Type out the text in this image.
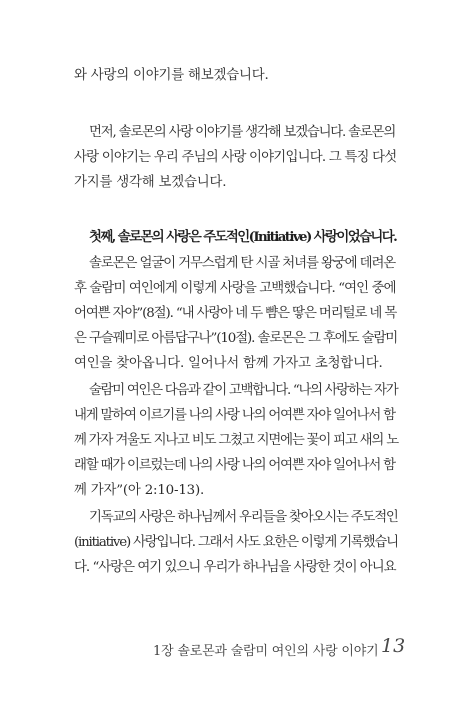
와 사랑의 이야기를 해보겠습니다.
먼저, 솔로몬의 사랑 이야기를 생각해 보겠습니다. 솔로몬의
사랑 이야기는 우리 주님의 사랑 이야기입니다. 그 특징 다섯
가지를 생각해 보겠습니다.
첫째, 솔로몬의 사랑은 주도적인(Initiative) 사랑이었습니다.
솔로몬은 얼굴이 거무스럽게 탄 시골 처녀를 왕궁에 데려온
후 술람미 여인에게 이렇게 사랑을 고백했습니다. “여인 중에
어여쁜 자야”(8절). “내 사랑아 네 두 뺨은 땋은 머리털로 네 목
은 구슬꿰미로 아름답구나”(10절). 솔로몬은 그 후에도 술람미
여인을 찾아옵니다. 일어나서 함께 가자고 초청합니다.
술람미 여인은 다음과 같이 고백합니다. “나의 사랑하는 자가
내게 말하여 이르기를 나의 사랑 나의 어여쁜 자야 일어나서 함
께 가자 겨울도 지나고 비도 그쳤고 지면에는 꽃이 피고 새의 노
래할 때가 이르렀는데 나의 사랑 나의 어여쁜 자야 일어나서 함
께 가자”(아 2:10-13).
기독교의 사랑은 하나님께서 우리들을 찾아오시는 주도적인
(initiative) 사랑입니다. 그래서 사도 요한은 이렇게 기록했습니
다. “사랑은 여기 있으니 우리가 하나님을 사랑한 것이 아니요
1장 솔로몬과 술람미 여인의 사랑 이야기 13
